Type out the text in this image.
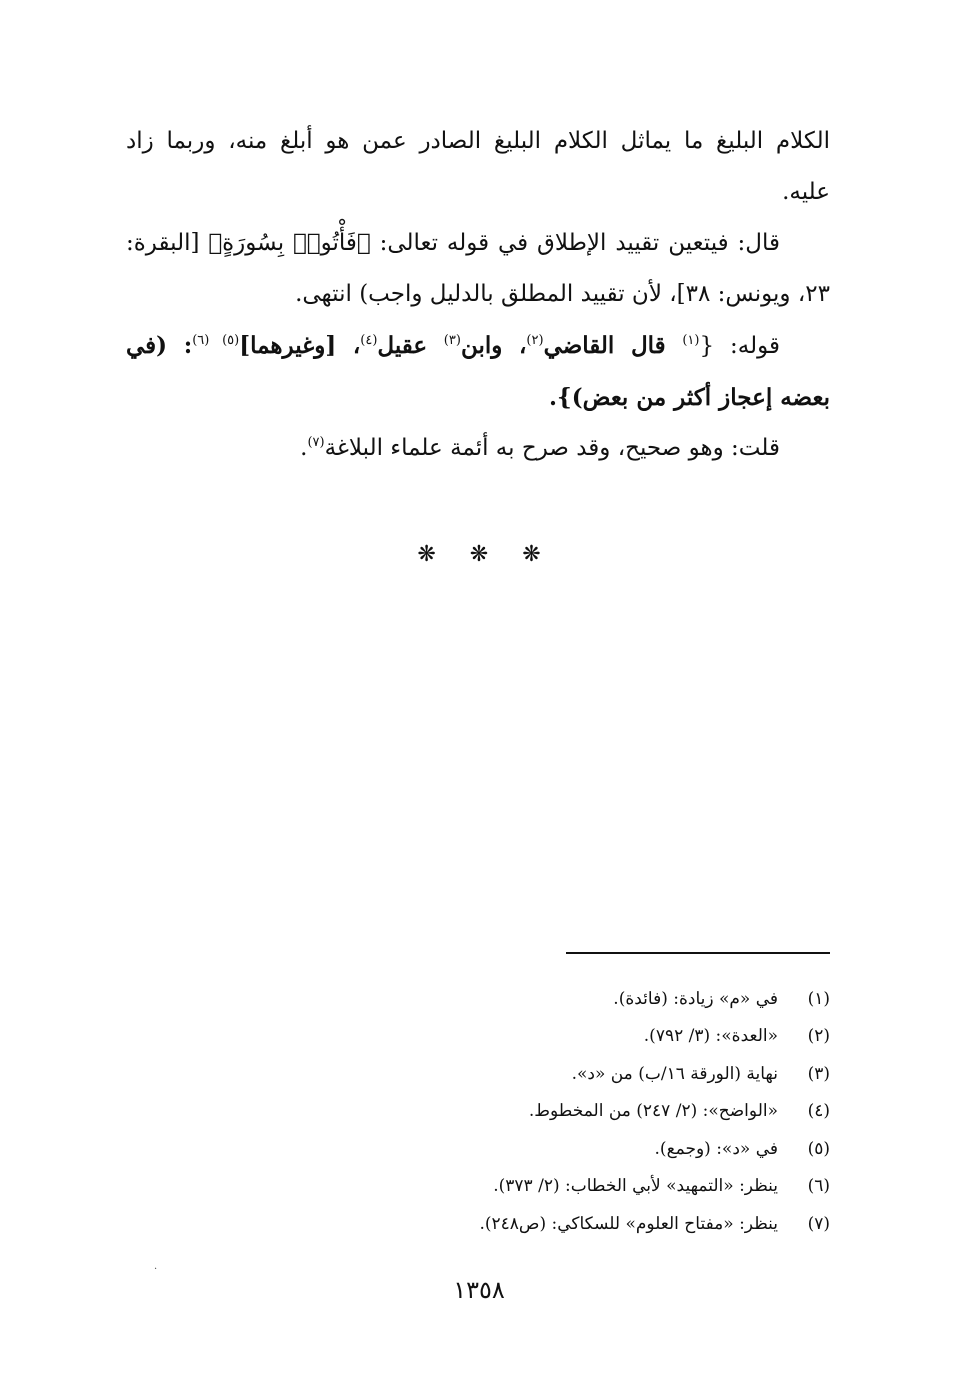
الكلام البليغ ما يماثل الكلام البليغ الصادر عمن هو أبلغ منه، وربما زاد
عليه.
قال: فيتعين تقييد الإطلاق في قوله تعالى: ﴿فَأْتُوا۟ بِسُورَةٍ﴾ [البقرة:
٢٣، ويونس: ٣٨]، لأن تقييد المطلق بالدليل واجب) انتهى.
قوله: {$^{(١)}$ قال القاضي$^{(٢)}$، وابن$^{(٣)}$ عقيل$^{(٤)}$، [وغيرهما]$^{(٥) (٦)}$: (في
بعضه إعجاز أكثر من بعض)}.
قلت: وهو صحيح، وقد صرح به أئمة علماء البلاغة$^{(٧)}$.
❋ ❋ ❋
(١)
في «م» زيادة: (فائدة).
(٢)
«العدة»: (٣/ ٧٩٢).
(٣)
نهاية (الورقة ١٦/ب) من «د».
(٤)
«الواضح»: (٢/ ٢٤٧) من المخطوط.
(٥)
في «د»: (وجمع).
(٦)
ينظر: «التمهيد» لأبي الخطاب: (٢/ ٣٧٣).
(٧)
ينظر: «مفتاح العلوم» للسكاكي: (ص٢٤٨).
١٣٥٨
·
